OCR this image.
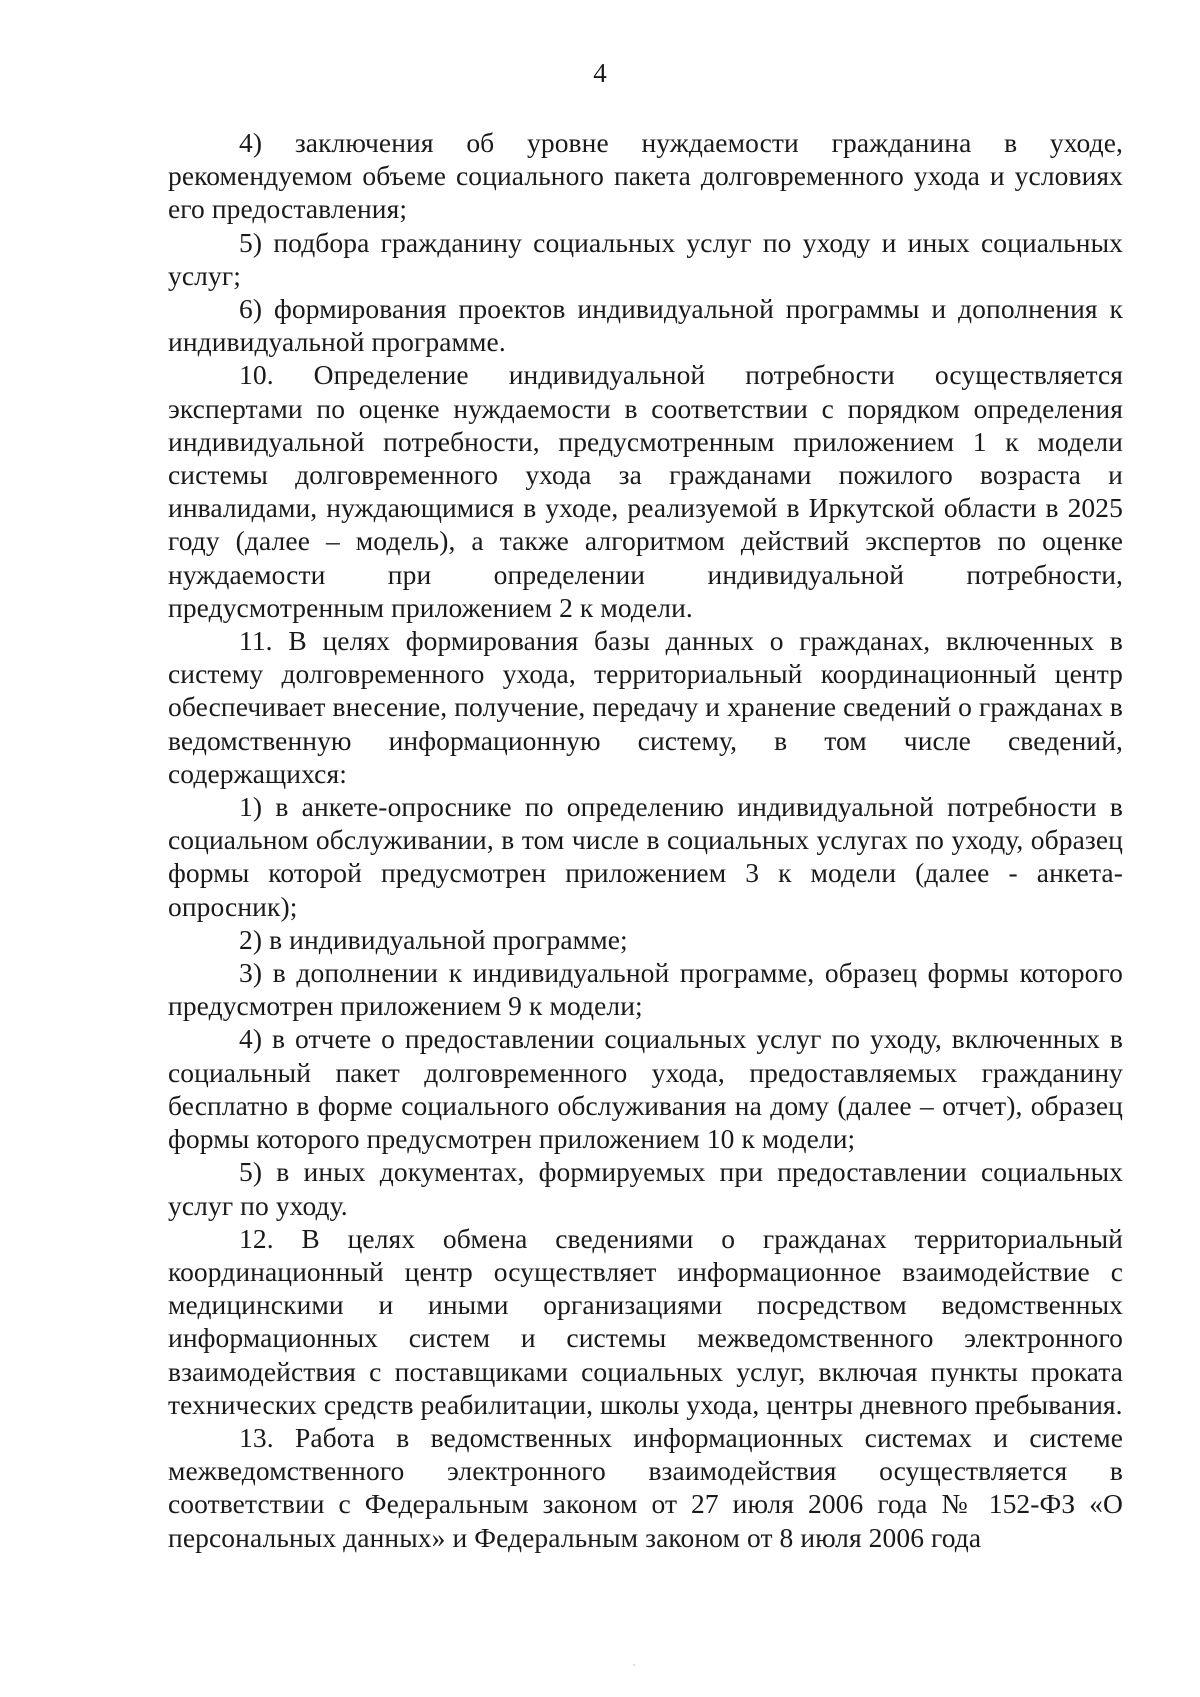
4

4) заключения об уровне нуждаемости гражданина в уходе, рекомендуемом объеме социального пакета долговременного ухода и условиях его предоставления;

5) подбора гражданину социальных услуг по уходу и иных социальных услуг;

6) формирования проектов индивидуальной программы и дополнения к индивидуальной программе.

10. Определение индивидуальной потребности осуществляется экспертами по оценке нуждаемости в соответствии с порядком определения индивидуальной потребности, предусмотренным приложением 1 к модели системы долговременного ухода за гражданами пожилого возраста и инвалидами, нуждающимися в уходе, реализуемой в Иркутской области в 2025 году (далее – модель), а также алгоритмом действий экспертов по оценке нуждаемости при определении индивидуальной потребности, предусмотренным приложением 2 к модели.

11. В целях формирования базы данных о гражданах, включенных в систему долговременного ухода, территориальный координационный центр обеспечивает внесение, получение, передачу и хранение сведений о гражданах в ведомственную информационную систему, в том числе сведений, содержащихся:

1) в анкете-опроснике по определению индивидуальной потребности в социальном обслуживании, в том числе в социальных услугах по уходу, образец формы которой предусмотрен приложением 3 к модели (далее - анкета-опросник);

2) в индивидуальной программе;

3) в дополнении к индивидуальной программе, образец формы которого предусмотрен приложением 9 к модели;

4) в отчете о предоставлении социальных услуг по уходу, включенных в социальный пакет долговременного ухода, предоставляемых гражданину бесплатно в форме социального обслуживания на дому (далее – отчет), образец формы которого предусмотрен приложением 10 к модели;

5) в иных документах, формируемых при предоставлении социальных услуг по уходу.

12. В целях обмена сведениями о гражданах территориальный координационный центр осуществляет информационное взаимодействие с медицинскими и иными организациями посредством ведомственных информационных систем и системы межведомственного электронного взаимодействия с поставщиками социальных услуг, включая пункты проката технических средств реабилитации, школы ухода, центры дневного пребывания.

13. Работа в ведомственных информационных системах и системе межведомственного электронного взаимодействия осуществляется в соответствии с Федеральным законом от 27 июля 2006 года № 152-ФЗ «О персональных данных» и Федеральным законом от 8 июля 2006 года
